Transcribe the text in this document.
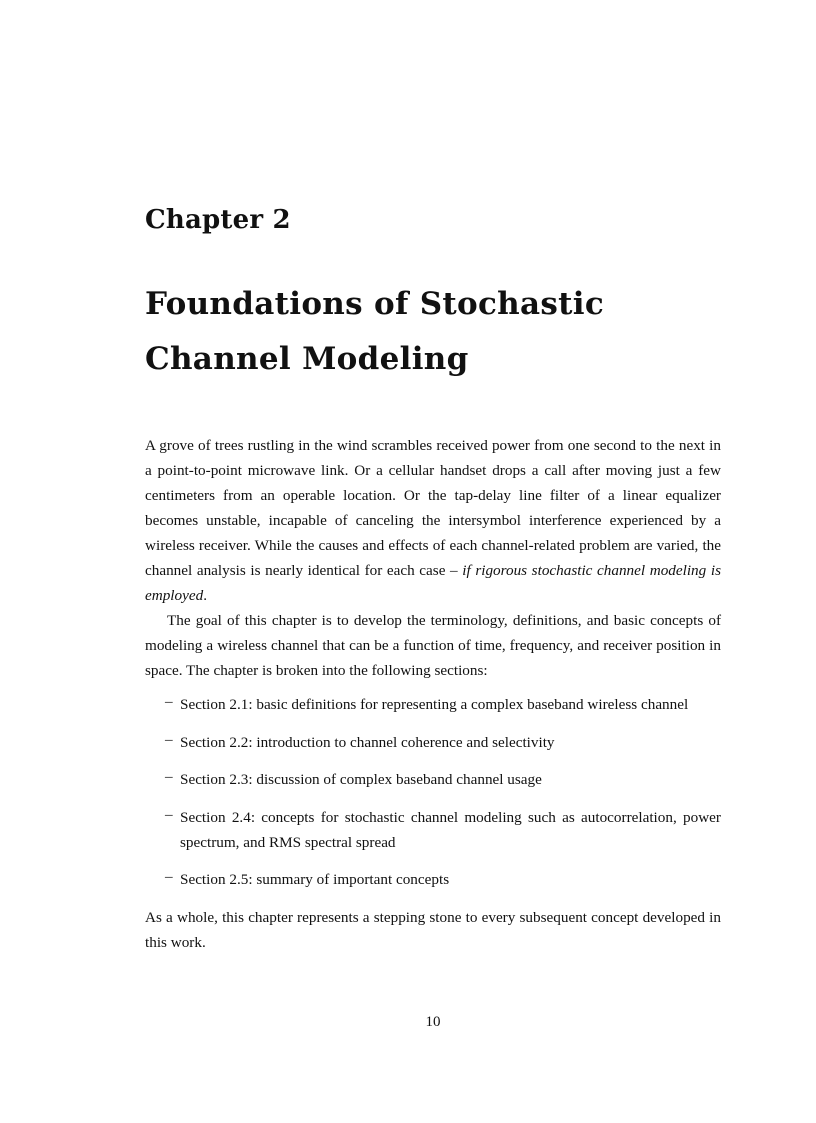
Chapter 2
Foundations of Stochastic Channel Modeling

A grove of trees rustling in the wind scrambles received power from one second to the next in a point-to-point microwave link. Or a cellular handset drops a call after moving just a few centimeters from an operable location. Or the tap-delay line filter of a linear equalizer becomes unstable, incapable of canceling the intersymbol interference experienced by a wireless receiver. While the causes and effects of each channel-related problem are varied, the channel analysis is nearly identical for each case – if rigorous stochastic channel modeling is employed.

The goal of this chapter is to develop the terminology, definitions, and basic concepts of modeling a wireless channel that can be a function of time, frequency, and receiver position in space. The chapter is broken into the following sections:

– Section 2.1: basic definitions for representing a complex baseband wireless channel
– Section 2.2: introduction to channel coherence and selectivity
– Section 2.3: discussion of complex baseband channel usage
– Section 2.4: concepts for stochastic channel modeling such as autocorrelation, power spectrum, and RMS spectral spread
– Section 2.5: summary of important concepts

As a whole, this chapter represents a stepping stone to every subsequent concept developed in this work.

10
